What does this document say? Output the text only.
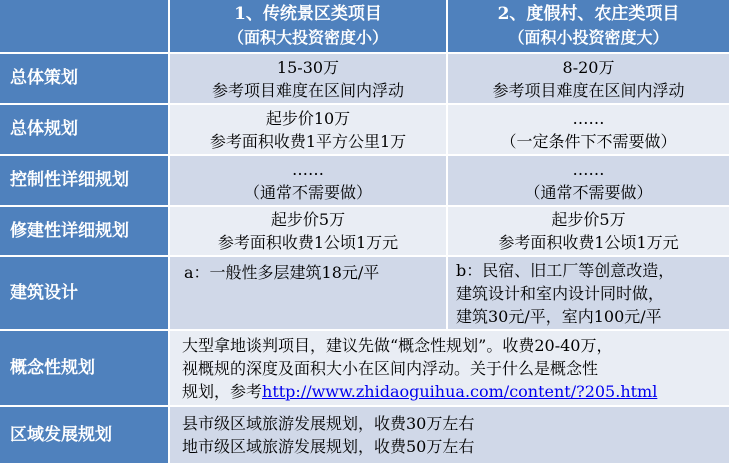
1、传统景区类项目
（面积大投资密度小）
2、度假村、农庄类项目
（面积小投资密度大）
总体策划
15-30万
参考项目难度在区间内浮动
8-20万
参考项目难度在区间内浮动
总体规划
起步价10万
参考面积收费1平方公里1万
……
（一定条件下不需要做）
控制性详细规划
……
（通常不需要做）
……
（通常不需要做）
修建性详细规划
起步价5万
参考面积收费1公顷1万元
起步价5万
参考面积收费1公顷1万元
建筑设计
a：一般性多层建筑18元/平	b：民宿、旧工厂等创意改造，
建筑设计和室内设计同时做，
建筑30元/平，室内100元/平
概念性规划
大型拿地谈判项目，建议先做“概念性规划”。收费20-40万，
视概规的深度及面积大小在区间内浮动。关于什么是概念性
规划，参考http://www.zhidaoguihua.com/content/?205.html
区域发展规划
县市级区域旅游发展规划，收费30万左右
地市级区域旅游发展规划，收费50万左右
